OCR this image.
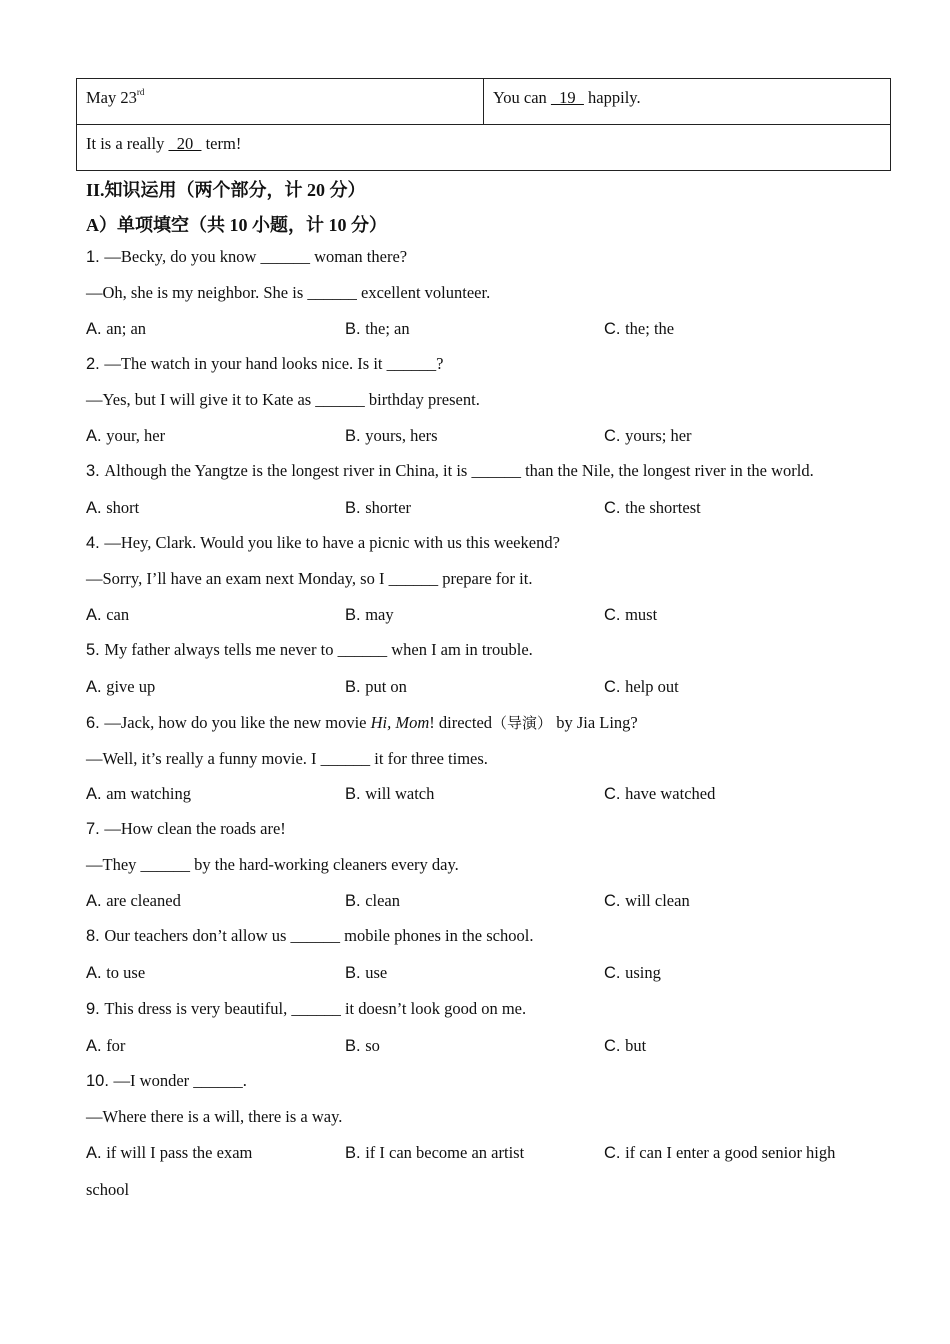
May 23rd	You can   19   happily.
It is a really   20   term!
II.知识运用（两个部分，计 20 分）
A）单项填空（共 10 小题，计 10 分）
1. —Becky, do you know ______ woman there?
—Oh, she is my neighbor. She is ______ excellent volunteer.
A. an; an	B. the; an	C. the; the
2. —The watch in your hand looks nice. Is it ______?
—Yes, but I will give it to Kate as ______ birthday present.
A. your, her	B. yours, hers	C. yours; her
3. Although the Yangtze is the longest river in China, it is ______ than the Nile, the longest river in the world.
A. short	B. shorter	C. the shortest
4. —Hey, Clark. Would you like to have a picnic with us this weekend?
—Sorry, I’ll have an exam next Monday, so I ______ prepare for it.
A. can	B. may	C. must
5. My father always tells me never to ______ when I am in trouble.
A. give up	B. put on	C. help out
6. —Jack, how do you like the new movie Hi, Mom! directed（导演） by Jia Ling?
—Well, it’s really a funny movie. I ______ it for three times.
A. am watching	B. will watch	C. have watched
7. —How clean the roads are!
—They ______ by the hard-working cleaners every day.
A. are cleaned	B. clean	C. will clean
8. Our teachers don’t allow us ______ mobile phones in the school.
A. to use	B. use	C. using
9. This dress is very beautiful, ______ it doesn’t look good on me.
A. for	B. so	C. but
10. —I wonder ______.
—Where there is a will, there is a way.
A. if will I pass the exam	B. if I can become an artist	C. if can I enter a good senior high
school
